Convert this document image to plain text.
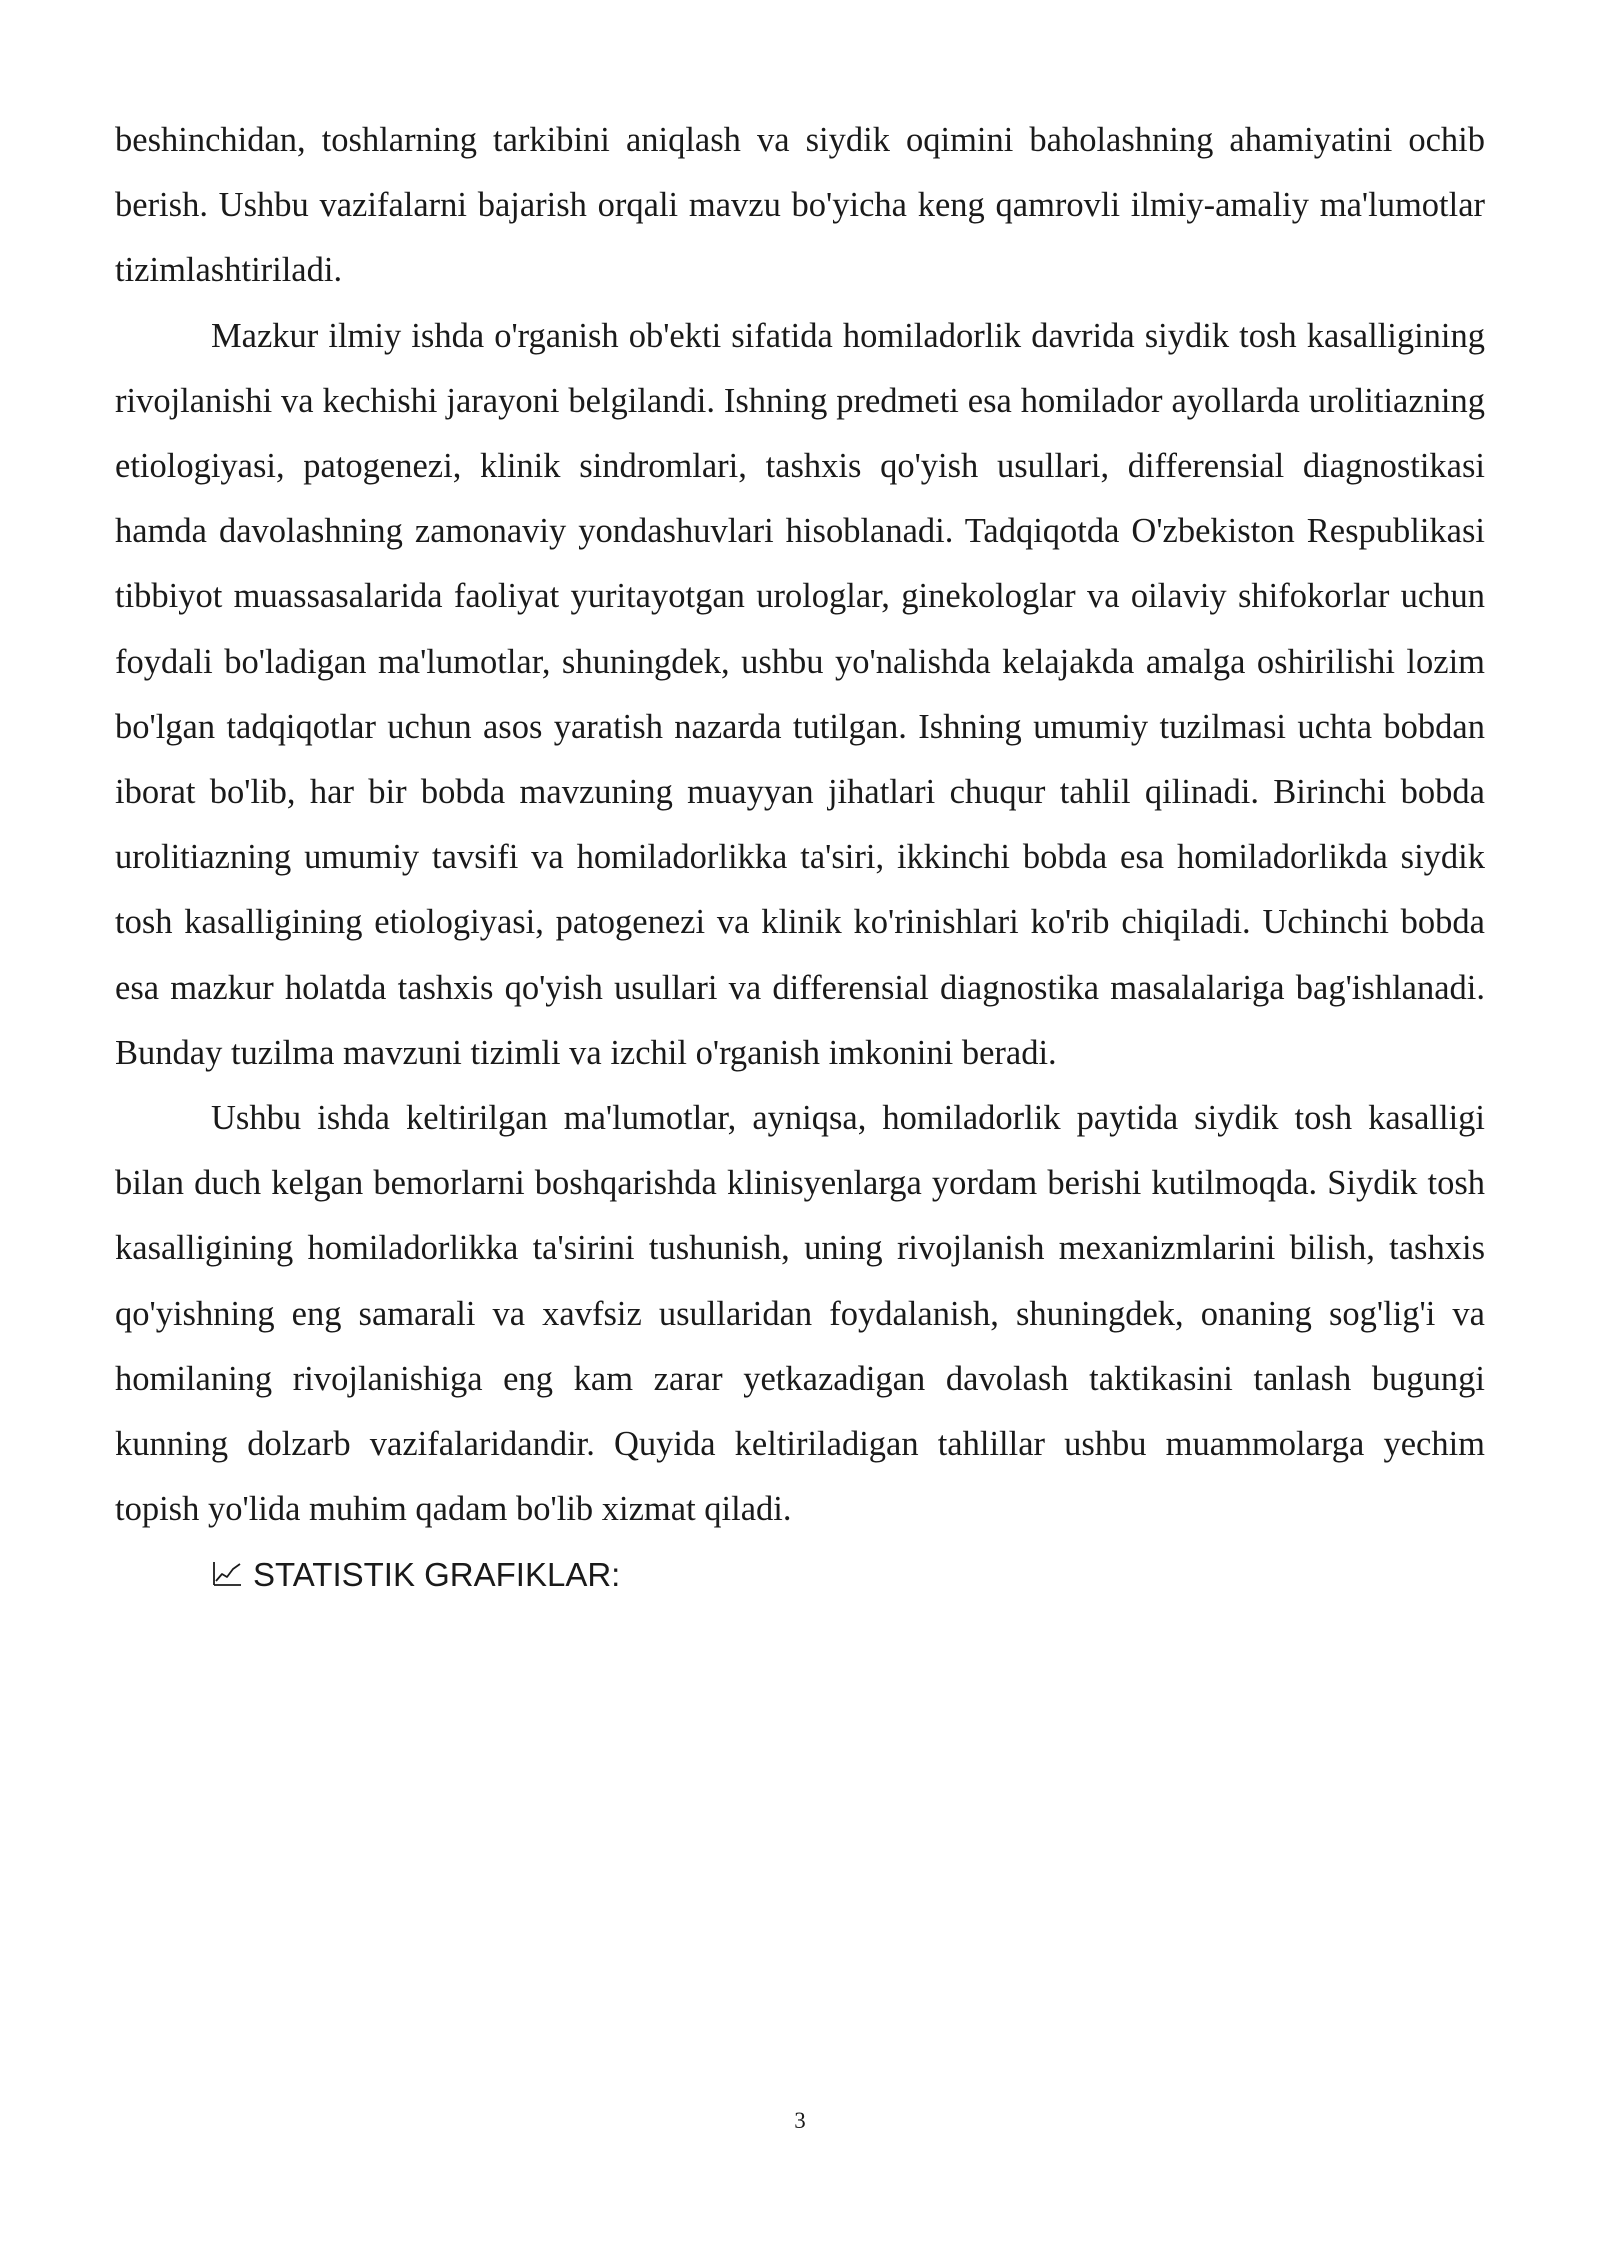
beshinchidan, toshlarning tarkibini aniqlash va siydik oqimini baholashning ahamiyatini ochib berish. Ushbu vazifalarni bajarish orqali mavzu bo'yicha keng qamrovli ilmiy-amaliy ma'lumotlar tizimlashtiriladi.

Mazkur ilmiy ishda o'rganish ob'ekti sifatida homiladorlik davrida siydik tosh kasalligining rivojlanishi va kechishi jarayoni belgilandi. Ishning predmeti esa homilador ayollarda urolitiazning etiologiyasi, patogenezi, klinik sindromlari, tashxis qo'yish usullari, differensial diagnostikasi hamda davolashning zamonaviy yondashuvlari hisoblanadi. Tadqiqotda O'zbekiston Respublikasi tibbiyot muassasalarida faoliyat yuritayotgan urologlar, ginekologlar va oilaviy shifokorlar uchun foydali bo'ladigan ma'lumotlar, shuningdek, ushbu yo'nalishda kelajakda amalga oshirilishi lozim bo'lgan tadqiqotlar uchun asos yaratish nazarda tutilgan. Ishning umumiy tuzilmasi uchta bobdan iborat bo'lib, har bir bobda mavzuning muayyan jihatlari chuqur tahlil qilinadi. Birinchi bobda urolitiazning umumiy tavsifi va homiladorlikka ta'siri, ikkinchi bobda esa homiladorlikda siydik tosh kasalligining etiologiyasi, patogenezi va klinik ko'rinishlari ko'rib chiqiladi. Uchinchi bobda esa mazkur holatda tashxis qo'yish usullari va differensial diagnostika masalalariga bag'ishlanadi. Bunday tuzilma mavzuni tizimli va izchil o'rganish imkonini beradi.

Ushbu ishda keltirilgan ma'lumotlar, ayniqsa, homiladorlik paytida siydik tosh kasalligi bilan duch kelgan bemorlarni boshqarishda klinisyenlarga yordam berishi kutilmoqda. Siydik tosh kasalligining homiladorlikka ta'sirini tushunish, uning rivojlanish mexanizmlarini bilish, tashxis qo'yishning eng samarali va xavfsiz usullaridan foydalanish, shuningdek, onaning sog'lig'i va homilaning rivojlanishiga eng kam zarar yetkazadigan davolash taktikasini tanlash bugungi kunning dolzarb vazifalaridandir. Quyida keltiriladigan tahlillar ushbu muammolarga yechim topish yo'lida muhim qadam bo'lib xizmat qiladi.

STATISTIK GRAFIKLAR:
3
